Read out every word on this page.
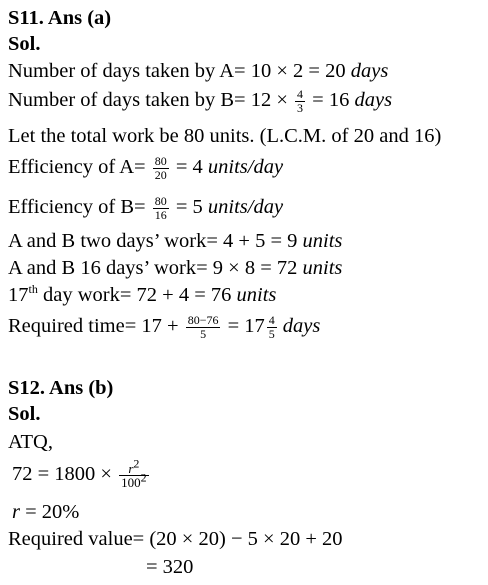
S11. Ans (a)
Sol.
Number of days taken by A= 10 × 2 = 20 days
Number of days taken by $B= 12 \times \frac{4}{3} = 16$ days
Let the total work be 80 units. (L.C.M. of 20 and 16)
Efficiency of $A= \frac{80}{20} = 4$ units/day
Efficiency of $B= \frac{80}{16} = 5$ units/day
A and B two days’ work= 4 + 5 = 9 units
A and B 16 days’ work= 9 × 8 = 72 units
17th day work= 72 + 4 = 76 units
Required time= $17 + \frac{80-76}{5} = 17 \frac{4}{5}$ days
S12. Ans (b)
Sol.
ATQ,
$72 = 1800 \times \frac{r^2}{100^2}$
r = 20%
Required value= (20 × 20) − 5 × 20 + 20
= 320
